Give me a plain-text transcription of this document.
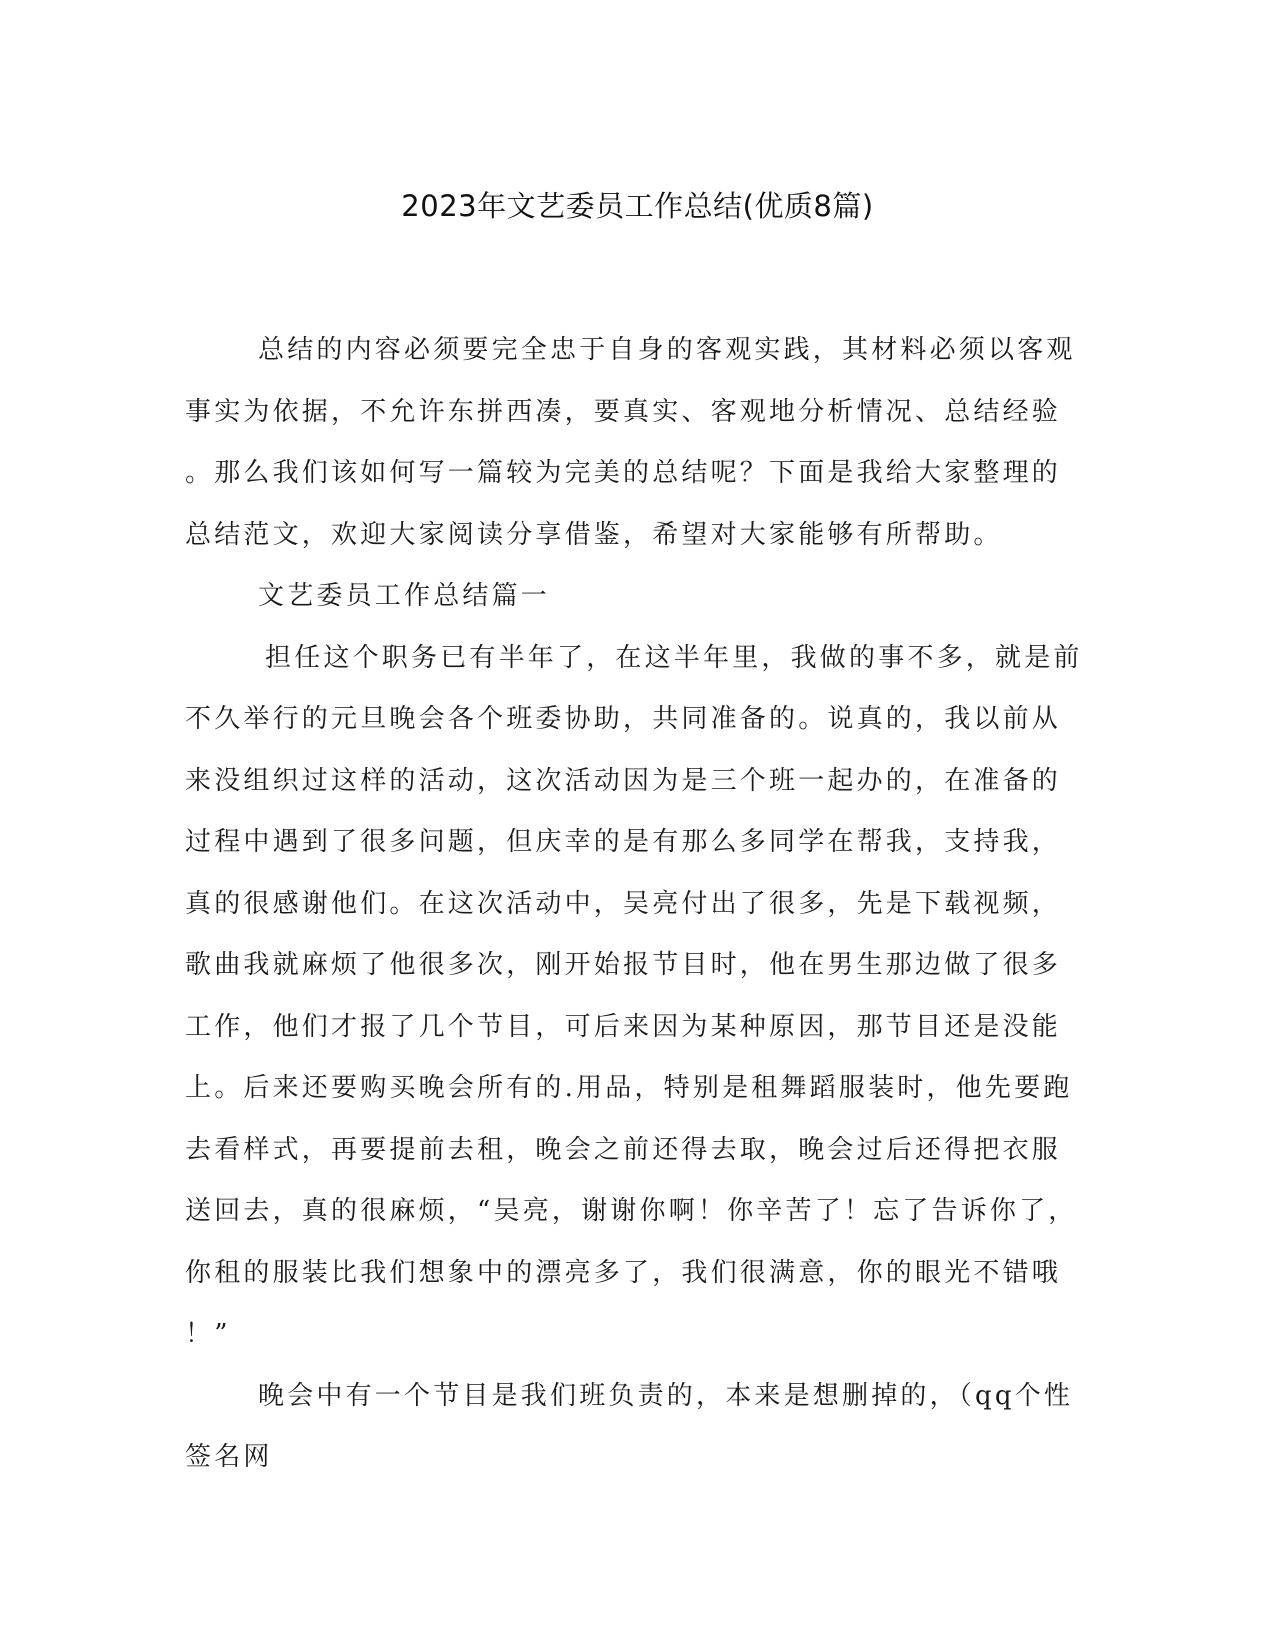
2023年文艺委员工作总结(优质8篇)
总结的内容必须要完全忠于自身的客观实践，其材料必须以客观
事实为依据，不允许东拼西凑，要真实、客观地分析情况、总结经验
。那么我们该如何写一篇较为完美的总结呢？下面是我给大家整理的
总结范文，欢迎大家阅读分享借鉴，希望对大家能够有所帮助。
文艺委员工作总结篇一
担任这个职务已有半年了，在这半年里，我做的事不多，就是前
不久举行的元旦晚会各个班委协助，共同准备的。说真的，我以前从
来没组织过这样的活动，这次活动因为是三个班一起办的，在准备的
过程中遇到了很多问题，但庆幸的是有那么多同学在帮我，支持我，
真的很感谢他们。在这次活动中，吴亮付出了很多，先是下载视频，
歌曲我就麻烦了他很多次，刚开始报节目时，他在男生那边做了很多
工作，他们才报了几个节目，可后来因为某种原因，那节目还是没能
上。后来还要购买晚会所有的.用品，特别是租舞蹈服装时，他先要跑
去看样式，再要提前去租，晚会之前还得去取，晚会过后还得把衣服
送回去，真的很麻烦，“吴亮，谢谢你啊！你辛苦了！忘了告诉你了，
你租的服装比我们想象中的漂亮多了，我们很满意，你的眼光不错哦
！”
晚会中有一个节目是我们班负责的，本来是想删掉的，（qq个性
签名网
